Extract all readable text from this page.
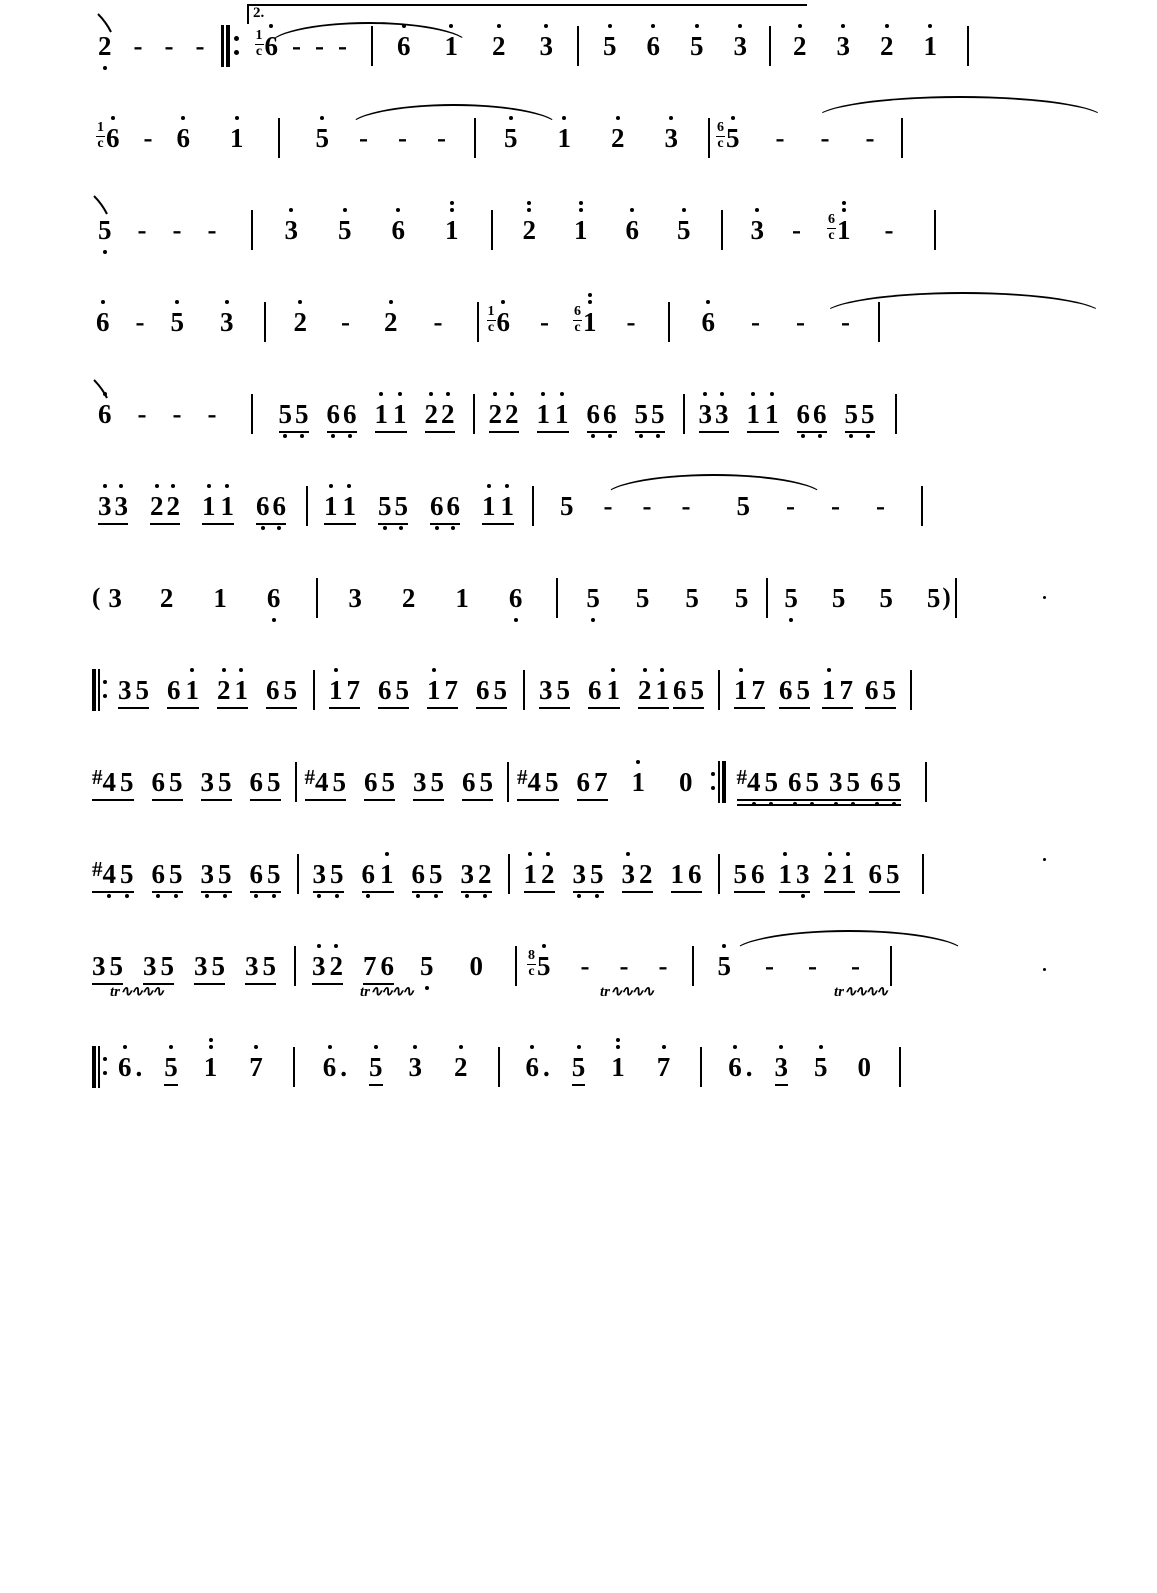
2 - - -
2.
1
c 6 - - - 6 1 2 3 5 6 5 3 2 3 2 1
1
c 6 - 6 1	5 - - - 5 1 2 3	6
c 5 - - -
5 - - -	3 5 6 1 2 1 6 5 3 - 6
c 1 -
6 - 5 3 2 - 2 -	1
c 6 - 6
c 1 - 6 - - -
6 - - - 5 5 6 6 1 1 2 2 2 2 1 1 6 6 5 5 3 3 1 1 6 6 5 5
3 3 2 2 1 1 6 6 1 1 5 5 6 6 1 1 5 - - - 5 - - -
( 3 2 1 6	3 2 1 6 5 5 5 5 5 5 5 5 )
3 5 6 1 2 1 6 5 1 7 6 5 1 7 6 5 3 5 6 1 2 1 6 5 1 7 6 5 1 7 6 5
#4 5 6 5 3 5 6 5 #4 5 6 5 3 5 6 5 #4 5 6 7 1 0 #4 5 6 5 3 5 6 5
#4 5 6 5 3 5 6 5 3 5 6 1 6 5 3 2 1 2 3 5 3 2 1 6 5 6 1 3 2 1 6 5
3 5 3 5 3 5 3 5 3 2 7 6 5 0	8
c 5 - - - 5 - - -
tr∿∿∿∿	tr∿∿∿∿	tr∿∿∿∿	tr∿∿∿∿
6 . 5 1 7 6 . 5 3 2 6 . 5 1 7 6 . 3 5 0
